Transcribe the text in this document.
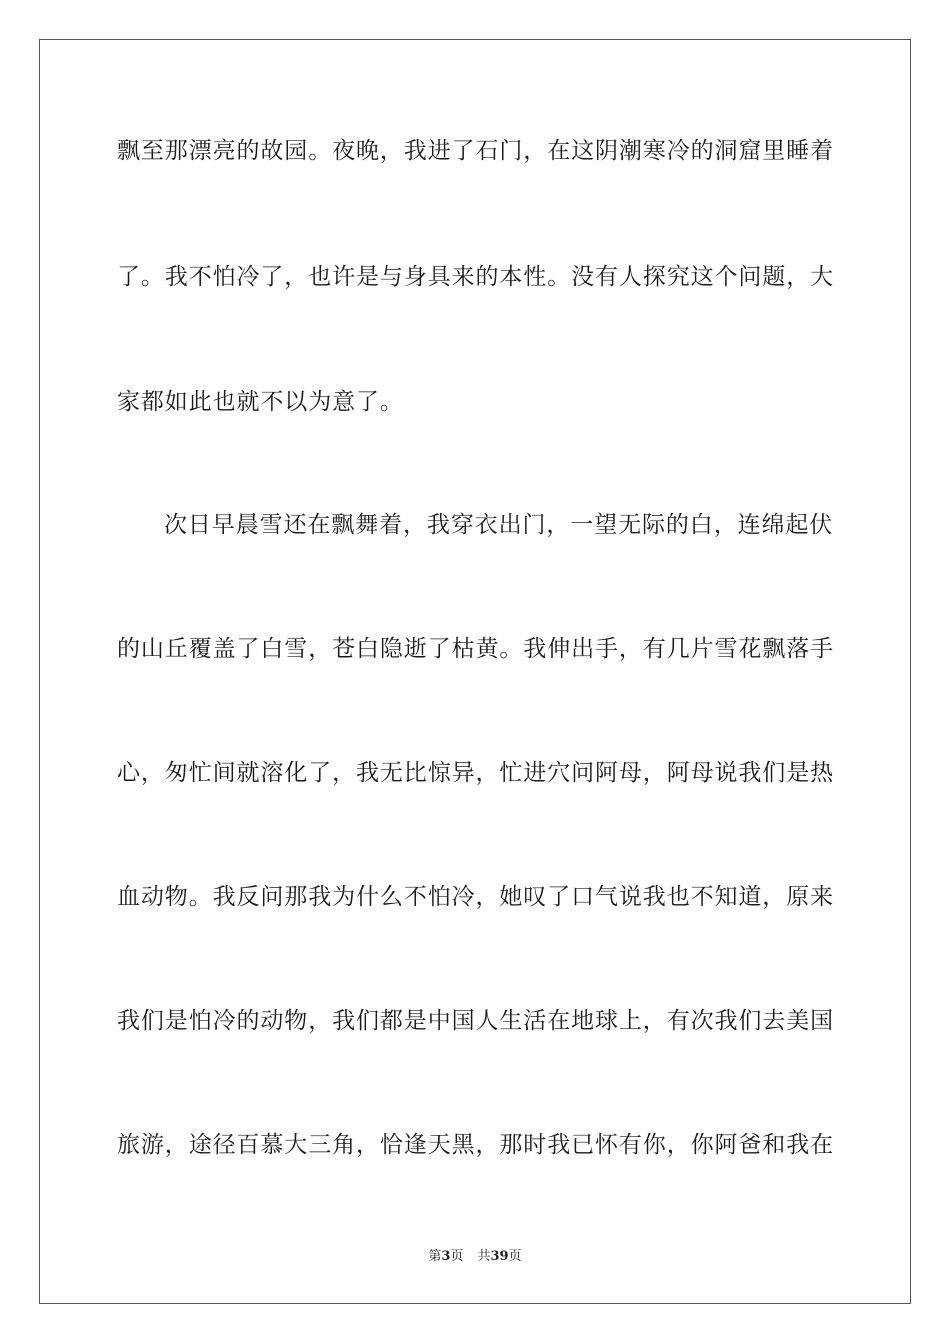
飘至那漂亮的故园。夜晚，我进了石门，在这阴潮寒冷的洞窟里睡着
了。我不怕冷了，也许是与身具来的本性。没有人探究这个问题，大
家都如此也就不以为意了。
次日早晨雪还在飘舞着，我穿衣出门，一望无际的白，连绵起伏
的山丘覆盖了白雪，苍白隐逝了枯黄。我伸出手，有几片雪花飘落手
心，匆忙间就溶化了，我无比惊异，忙进穴问阿母，阿母说我们是热
血动物。我反问那我为什么不怕冷，她叹了口气说我也不知道，原来
我们是怕冷的动物，我们都是中国人生活在地球上，有次我们去美国
旅游，途径百慕大三角，恰逢天黑，那时我已怀有你，你阿爸和我在
第3页 共39页
